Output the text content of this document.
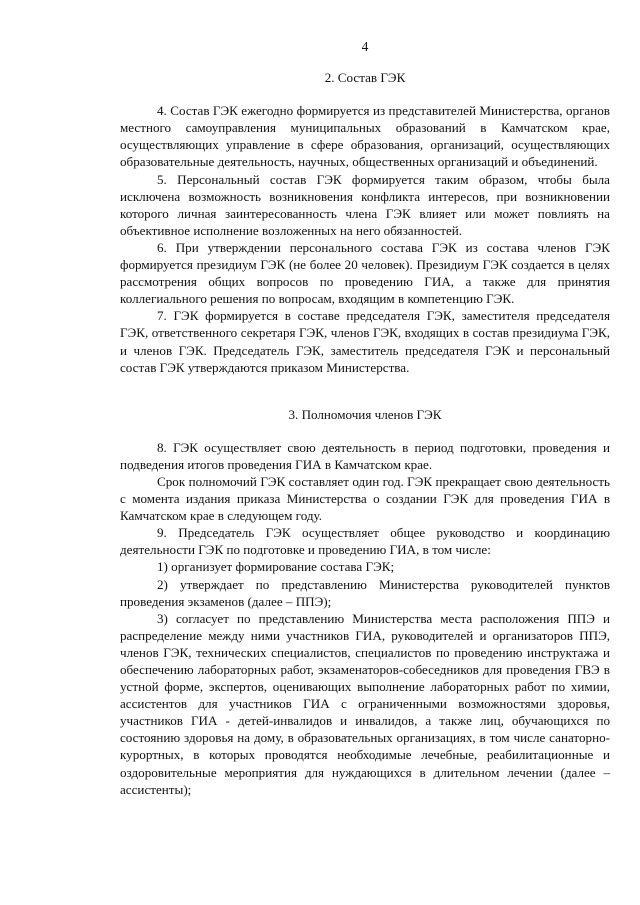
4
2. Состав ГЭК

4. Состав ГЭК ежегодно формируется из представителей Министерства, органов местного самоуправления муниципальных образований в Камчатском крае, осуществляющих управление в сфере образования, организаций, осуществляющих образовательные деятельность, научных, общественных организаций и объединений.

5. Персональный состав ГЭК формируется таким образом, чтобы была исключена возможность возникновения конфликта интересов, при возникновении которого личная заинтересованность члена ГЭК влияет или может повлиять на объективное исполнение возложенных на него обязанностей.

6. При утверждении персонального состава ГЭК из состава членов ГЭК формируется президиум ГЭК (не более 20 человек). Президиум ГЭК создается в целях рассмотрения общих вопросов по проведению ГИА, а также для принятия коллегиального решения по вопросам, входящим в компетенцию ГЭК.

7. ГЭК формируется в составе председателя ГЭК, заместителя председателя ГЭК, ответственного секретаря ГЭК, членов ГЭК, входящих в состав президиума ГЭК, и членов ГЭК. Председатель ГЭК, заместитель председателя ГЭК и персональный состав ГЭК утверждаются приказом Министерства.

3. Полномочия членов ГЭК

8. ГЭК осуществляет свою деятельность в период подготовки, проведения и подведения итогов проведения ГИА в Камчатском крае.

Срок полномочий ГЭК составляет один год. ГЭК прекращает свою деятельность с момента издания приказа Министерства о создании ГЭК для проведения ГИА в Камчатском крае в следующем году.

9. Председатель ГЭК осуществляет общее руководство и координацию деятельности ГЭК по подготовке и проведению ГИА, в том числе:

1) организует формирование состава ГЭК;

2) утверждает по представлению Министерства руководителей пунктов проведения экзаменов (далее – ППЭ);

3) согласует по представлению Министерства места расположения ППЭ и распределение между ними участников ГИА, руководителей и организаторов ППЭ, членов ГЭК, технических специалистов, специалистов по проведению инструктажа и обеспечению лабораторных работ, экзаменаторов-собеседников для проведения ГВЭ в устной форме, экспертов, оценивающих выполнение лабораторных работ по химии, ассистентов для участников ГИА с ограниченными возможностями здоровья, участников ГИА - детей-инвалидов и инвалидов, а также лиц, обучающихся по состоянию здоровья на дому, в образовательных организациях, в том числе санаторно-курортных, в которых проводятся необходимые лечебные, реабилитационные и оздоровительные мероприятия для нуждающихся в длительном лечении (далее – ассистенты);
